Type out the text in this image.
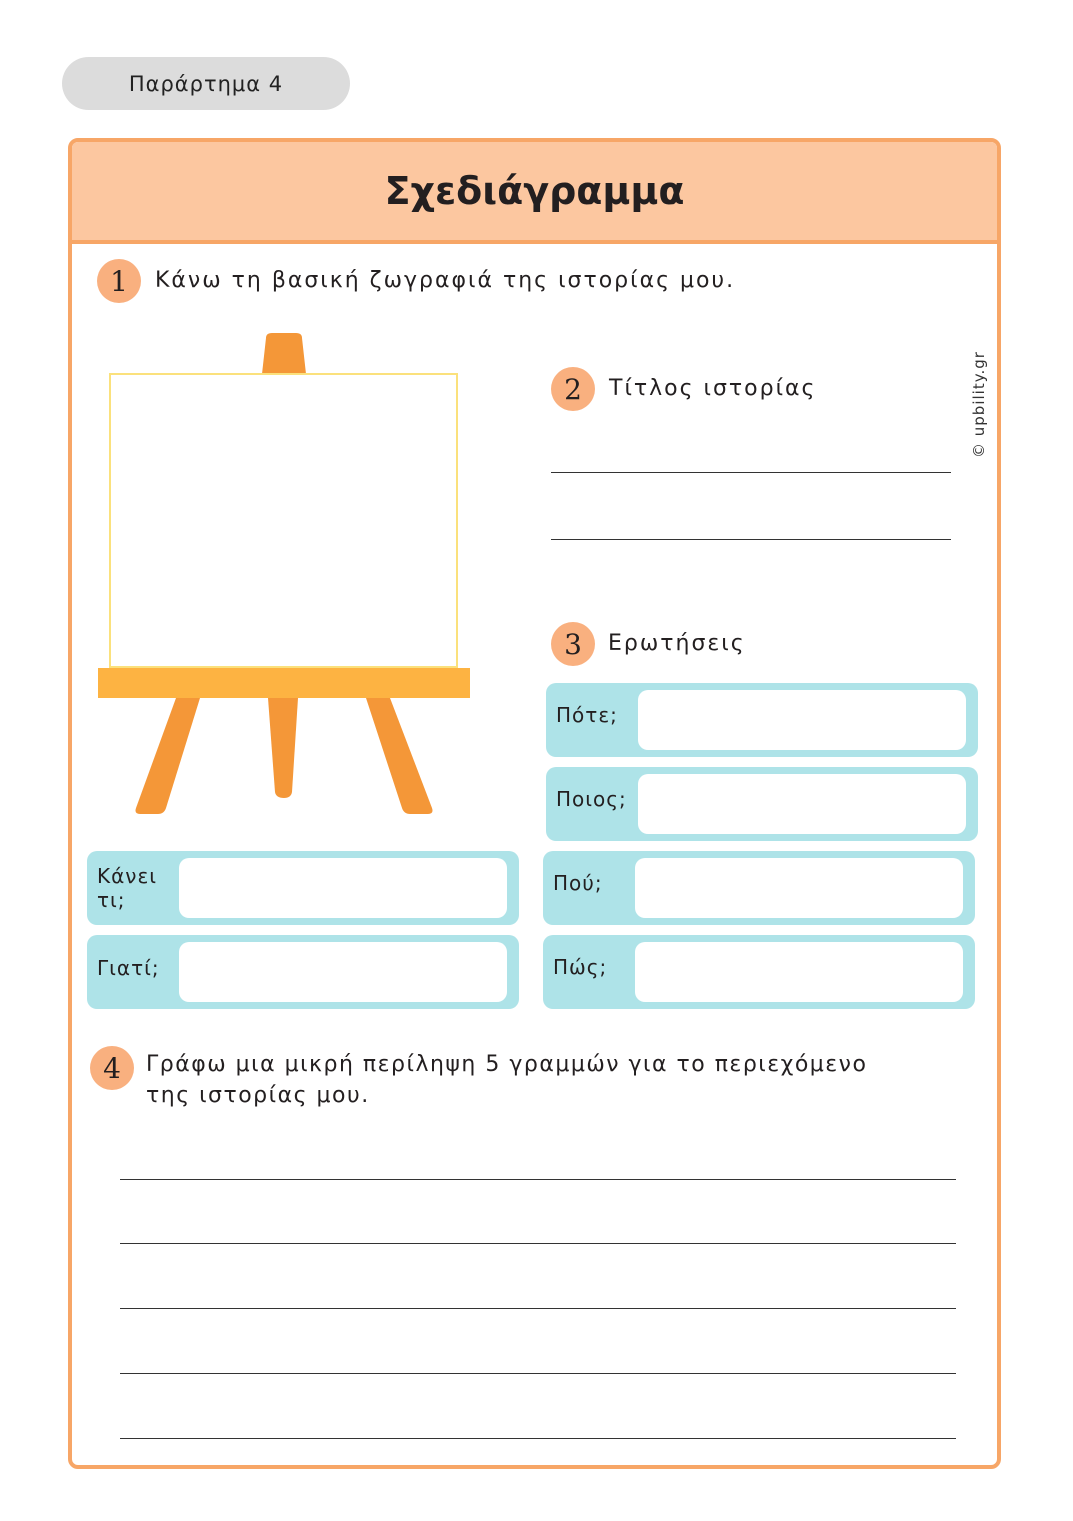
Παράρτημα 4
Σχεδιάγραμμα
1	Κάνω τη βασική ζωγραφιά της ιστορίας μου.
2	Τίτλος ιστορίας
3	Ερωτήσεις
Πότε;
Ποιος;
Πού;
Πώς;
Κάνει
τι;
Γιατί;
4	Γράφω μια μικρή περίληψη 5 γραμμών για το περιεχόμενο
της ιστορίας μου.
© upbility.gr
